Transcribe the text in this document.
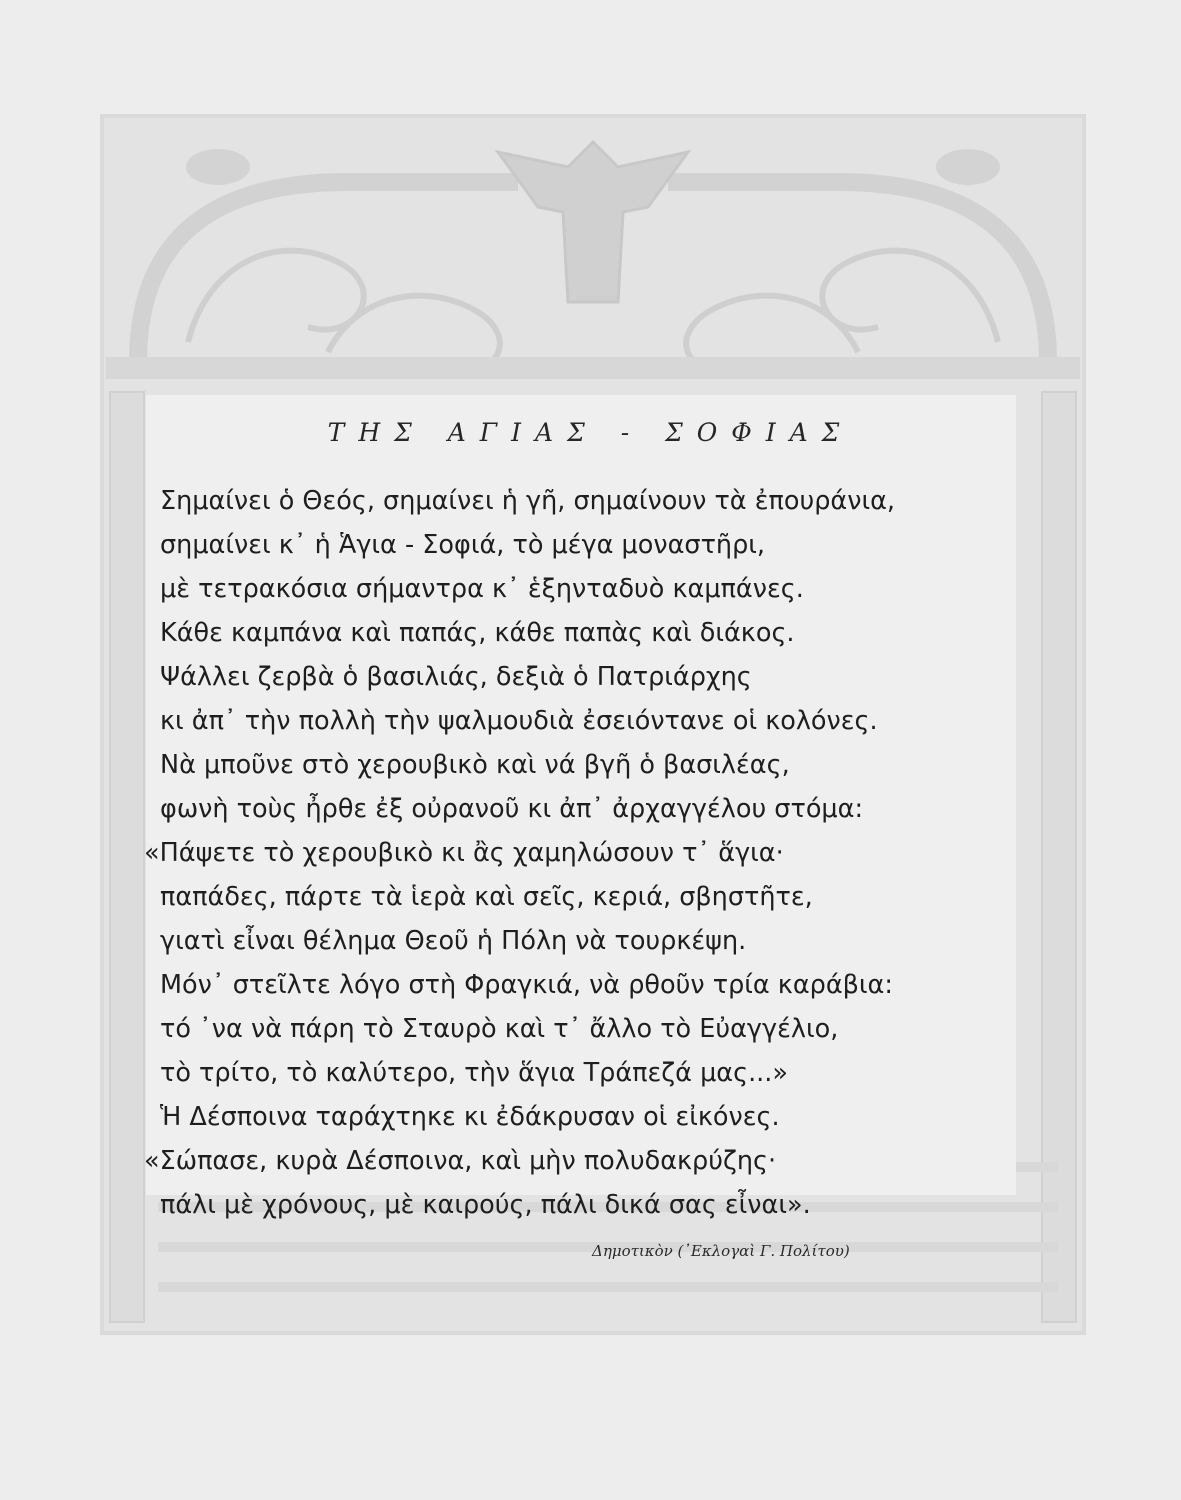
ΤΗΣ ΑΓΙΑΣ - ΣΟΦΙΑΣ
Σημαίνει ὁ Θεός, σημαίνει ἡ γῆ, σημαίνουν τὰ ἐπουράνια,
σημαίνει κ᾽ ἡ Ἁγια - Σοφιά, τὸ μέγα μοναστῆρι,
μὲ τετρακόσια σήμαντρα κ᾽ ἑξηνταδυὸ καμπάνες.
Κάθε καμπάνα καὶ παπάς, κάθε παπὰς καὶ διάκος.
Ψάλλει ζερβὰ ὁ βασιλιάς, δεξιὰ ὁ Πατριάρχης
κι ἀπ᾽ τὴν πολλὴ τὴν ψαλμουδιὰ ἐσειόντανε οἱ κολόνες.
Νὰ μποῦνε στὸ χερουβικὸ καὶ νά βγῆ ὁ βασιλέας,
φωνὴ τοὺς ἦρθε ἐξ οὐρανοῦ κι ἀπ᾽ ἀρχαγγέλου στόμα:
«Πάψετε τὸ χερουβικὸ κι ἂς χαμηλώσουν τ᾽ ἅγια·
παπάδες, πάρτε τὰ ἱερὰ καὶ σεῖς, κεριά, σβηστῆτε,
γιατὶ εἶναι θέλημα Θεοῦ ἡ Πόλη νὰ τουρκέψη.
Μόν᾽ στεῖλτε λόγο στὴ Φραγκιά, νὰ ρθοῦν τρία καράβια:
τό ᾽να νὰ πάρη τὸ Σταυρὸ καὶ τ᾽ ἄλλο τὸ Εὐαγγέλιο,
τὸ τρίτο, τὸ καλύτερο, τὴν ἅγια Τράπεζά μας...»
Ἡ Δέσποινα ταράχτηκε κι ἐδάκρυσαν οἱ εἰκόνες.
«Σώπασε, κυρὰ Δέσποινα, καὶ μὴν πολυδακρύζης·
πάλι μὲ χρόνους, μὲ καιρούς, πάλι δικά σας εἶναι».
Δημοτικὸν (᾽Εκλογαὶ Γ. Πολίτου)
